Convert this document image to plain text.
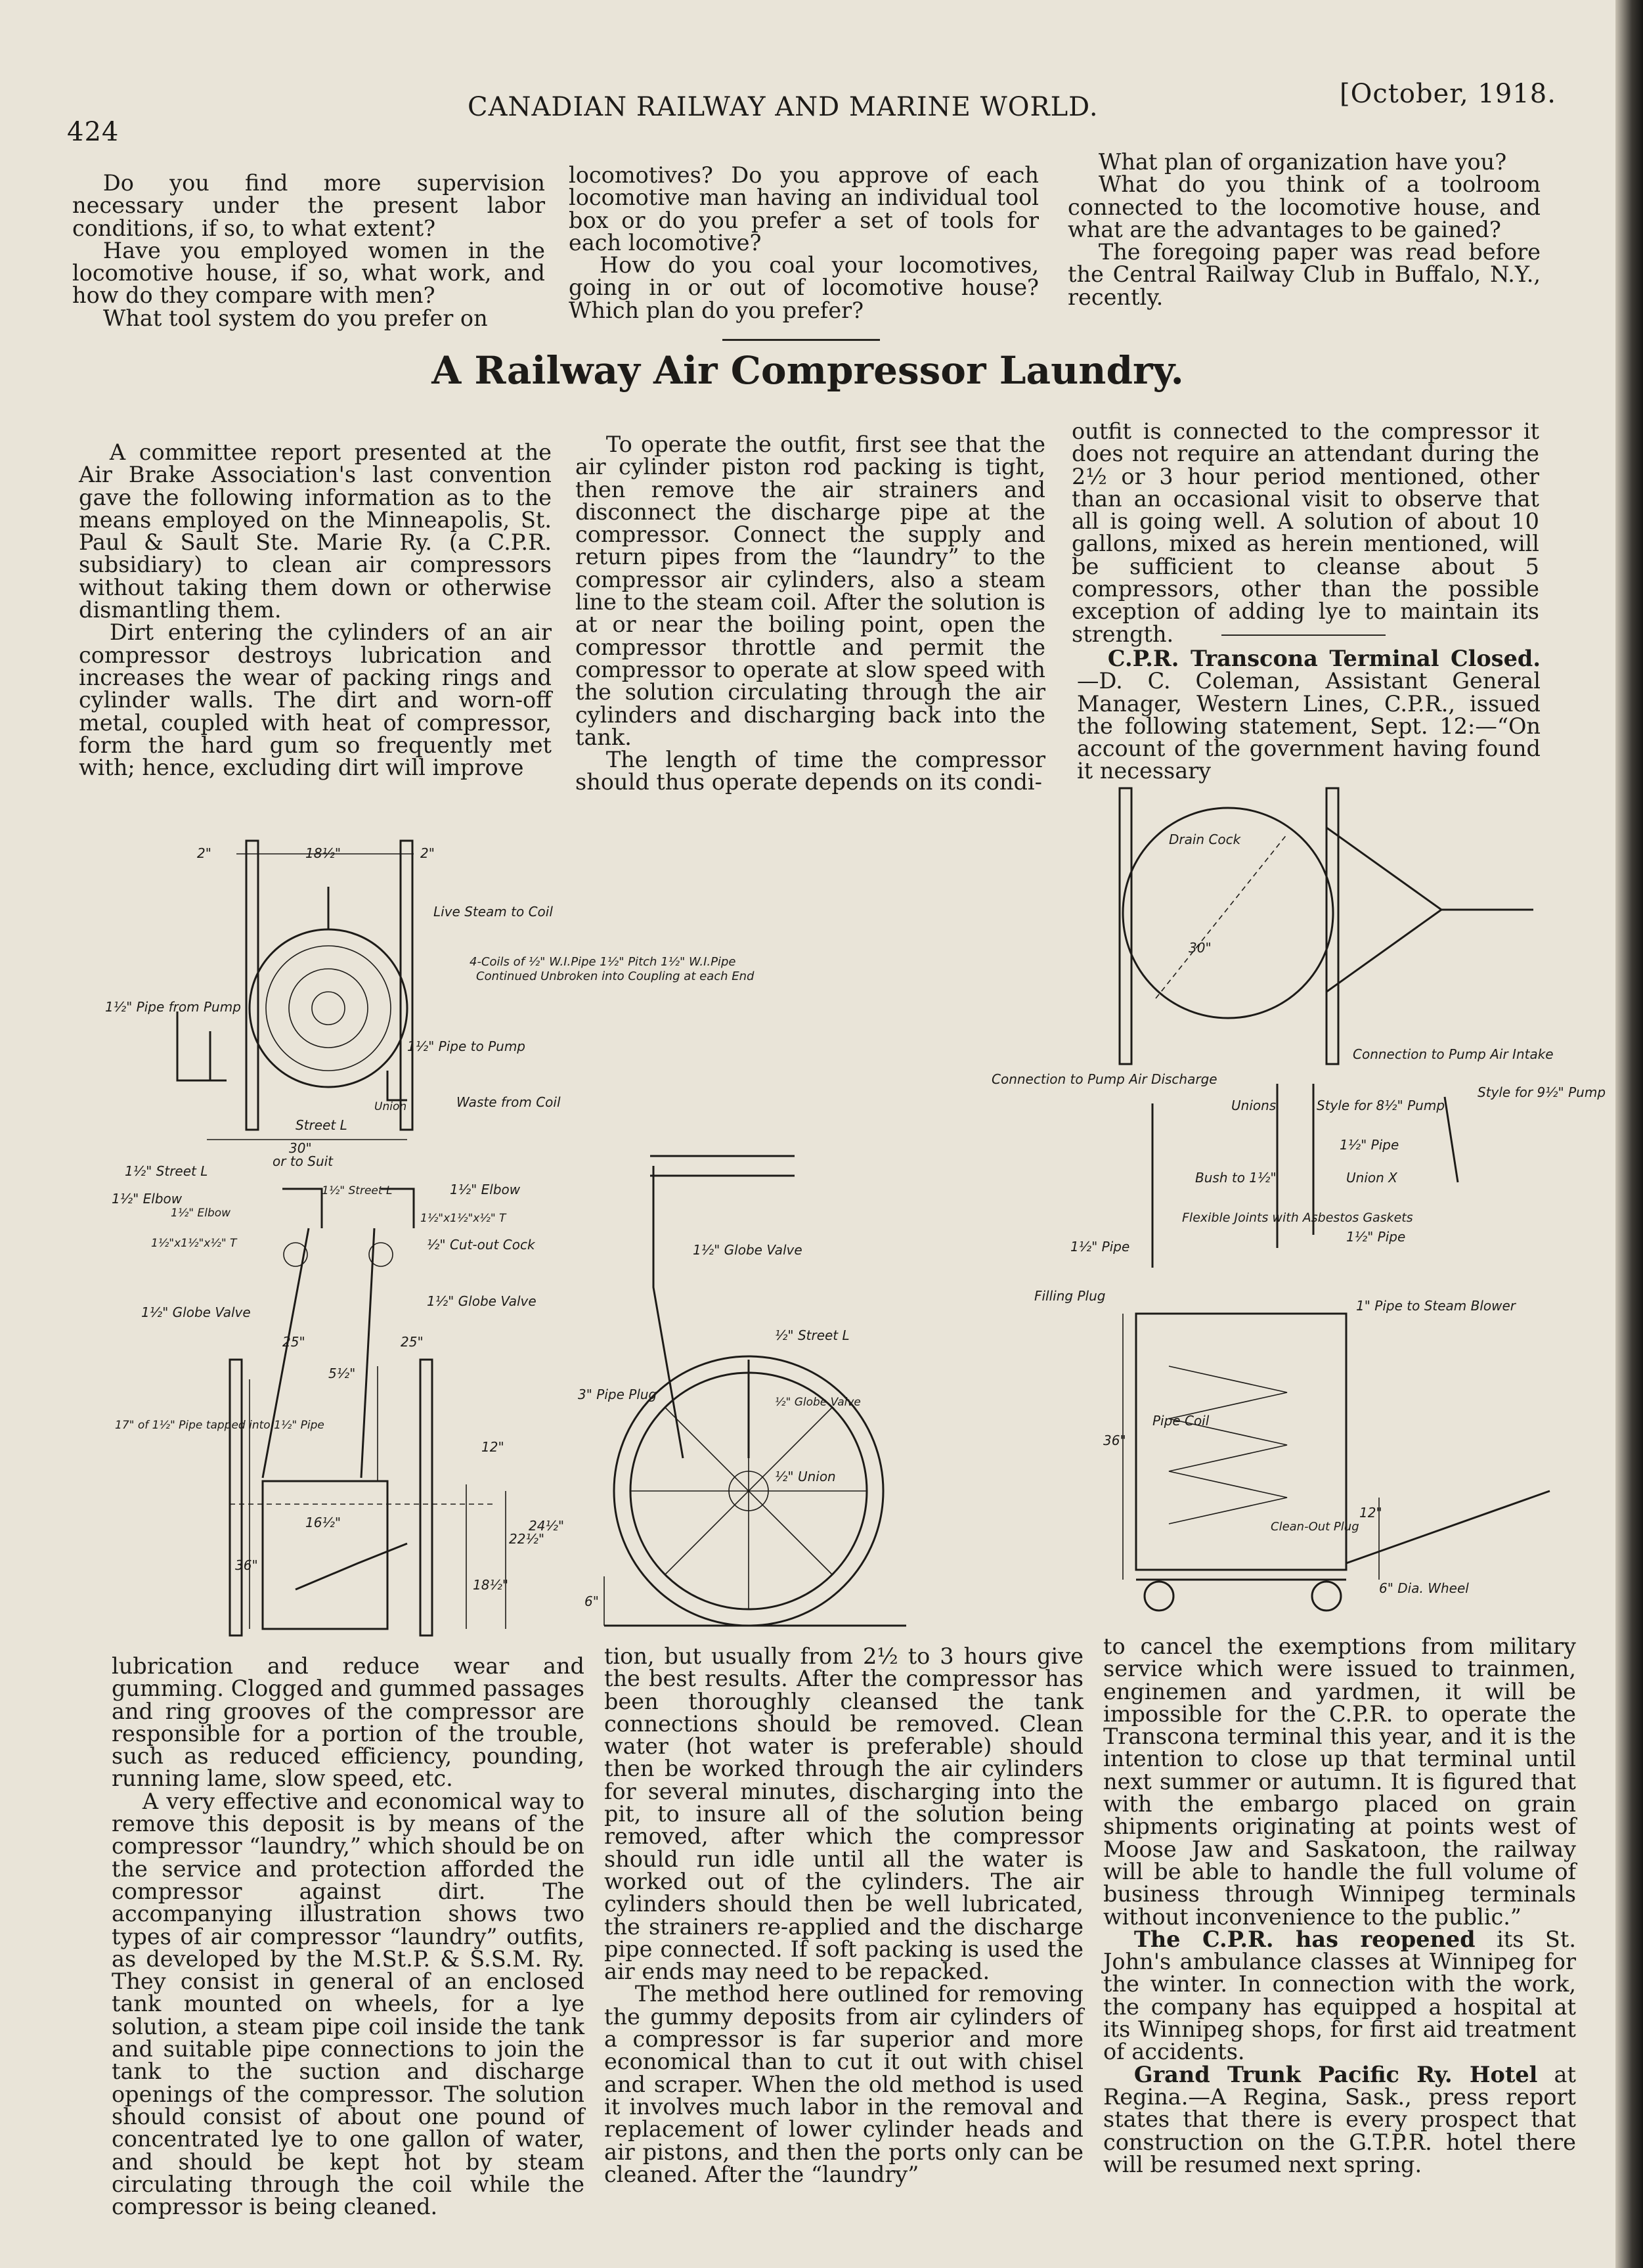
424
CANADIAN RAILWAY AND MARINE WORLD.	[October, 1918.

Do you find more supervision necessary under the present labor conditions, if so, to what extent?

Have you employed women in the locomotive house, if so, what work, and how do they compare with men?

What tool system do you prefer on

locomotives? Do you approve of each locomotive man having an individual tool box or do you prefer a set of tools for each locomotive?

How do you coal your locomotives, going in or out of locomotive house? Which plan do you prefer?

What plan of organization have you?

What do you think of a toolroom connected to the locomotive house, and what are the advantages to be gained?

The foregoing paper was read before the Central Railway Club in Buffalo, N.Y., recently.

A Railway Air Compressor Laundry.

A committee report presented at the Air Brake Association's last convention gave the following information as to the means employed on the Minneapolis, St. Paul & Sault Ste. Marie Ry. (a C.P.R. subsidiary) to clean air compressors without taking them down or otherwise dismantling them.

Dirt entering the cylinders of an air compressor destroys lubrication and increases the wear of packing rings and cylinder walls. The dirt and worn-off metal, coupled with heat of compressor, form the hard gum so frequently met with; hence, excluding dirt will improve

To operate the outfit, first see that the air cylinder piston rod packing is tight, then remove the air strainers and disconnect the discharge pipe at the compressor. Connect the supply and return pipes from the “laundry” to the compressor air cylinders, also a steam line to the steam coil. After the solution is at or near the boiling point, open the compressor throttle and permit the compressor to operate at slow speed with the solution circulating through the air cylinders and discharging back into the tank.

The length of time the compressor should thus operate depends on its condi-

outfit is connected to the compressor it does not require an attendant during the 2½ or 3 hour period mentioned, other than an occasional visit to observe that all is going well. A solution of about 10 gallons, mixed as herein mentioned, will be sufficient to cleanse about 5 compressors, other than the possible exception of adding lye to maintain its strength.

C.P.R. Transcona Terminal Closed.—D. C. Coleman, Assistant General Manager, Western Lines, C.P.R., issued the following statement, Sept. 12:—“On account of the government having found it necessary

2"	18½"	2"
Live Steam to Coil
4-Coils of ½" W.I.Pipe 1½" Pitch 1½" W.I.Pipe
Continued Unbroken into Coupling at each End
1½" Pipe from Pump
1½" Pipe to Pump
Waste from Coil
Union
Street L
30"
or to Suit
1½" Street L
1½" Elbow	1½" Street L	1½" Elbow
1½" Elbow	1½"x1½"x½" T
1½"x1½"x½" T	½" Cut-out Cock
1½" Globe Valve
1½" Globe Valve
17" of 1½" Pipe tapped into 1½" Pipe
5½"
25"	25"
16½"
36"
12"
18½"
22½"
24½"
1½" Globe Valve
½" Street L
3" Pipe Plug	½" Globe Valve
½" Union
6"
Drain Cock
30"
Connection to Pump Air Intake
Connection to Pump Air Discharge
Unions	Style for 8½" Pump
Style for 9½" Pump
1½" Pipe
Bush to 1½"	Union X
Flexible Joints with Asbestos Gaskets
1½" Pipe
1½" Pipe
Filling Plug
1" Pipe to Steam Blower
Pipe Coil
36"
Clean-Out Plug
12"
6" Dia. Wheel

lubrication and reduce wear and gumming. Clogged and gummed passages and ring grooves of the compressor are responsible for a portion of the trouble, such as reduced efficiency, pounding, running lame, slow speed, etc.

A very effective and economical way to remove this deposit is by means of the compressor “laundry,” which should be on the service and protection afforded the compressor against dirt. The accompanying illustration shows two types of air compressor “laundry” outfits, as developed by the M.St.P. & S.S.M. Ry. They consist in general of an enclosed tank mounted on wheels, for a lye solution, a steam pipe coil inside the tank and suitable pipe connections to join the tank to the suction and discharge openings of the compressor. The solution should consist of about one pound of concentrated lye to one gallon of water, and should be kept hot by steam circulating through the coil while the compressor is being cleaned.

tion, but usually from 2½ to 3 hours give the best results. After the compressor has been thoroughly cleansed the tank connections should be removed. Clean water (hot water is preferable) should then be worked through the air cylinders for several minutes, discharging into the pit, to insure all of the solution being removed, after which the compressor should run idle until all the water is worked out of the cylinders. The air cylinders should then be well lubricated, the strainers re-applied and the discharge pipe connected. If soft packing is used the air ends may need to be repacked.

The method here outlined for removing the gummy deposits from air cylinders of a compressor is far superior and more economical than to cut it out with chisel and scraper. When the old method is used it involves much labor in the removal and replacement of lower cylinder heads and air pistons, and then the ports only can be cleaned. After the “laundry”

to cancel the exemptions from military service which were issued to trainmen, enginemen and yardmen, it will be impossible for the C.P.R. to operate the Transcona terminal this year, and it is the intention to close up that terminal until next summer or autumn. It is figured that with the embargo placed on grain shipments originating at points west of Moose Jaw and Saskatoon, the railway will be able to handle the full volume of business through Winnipeg terminals without inconvenience to the public.”

The C.P.R. has reopened its St. John's ambulance classes at Winnipeg for the winter. In connection with the work, the company has equipped a hospital at its Winnipeg shops, for first aid treatment of accidents.

Grand Trunk Pacific Ry. Hotel at Regina.—A Regina, Sask., press report states that there is every prospect that construction on the G.T.P.R. hotel there will be resumed next spring.
